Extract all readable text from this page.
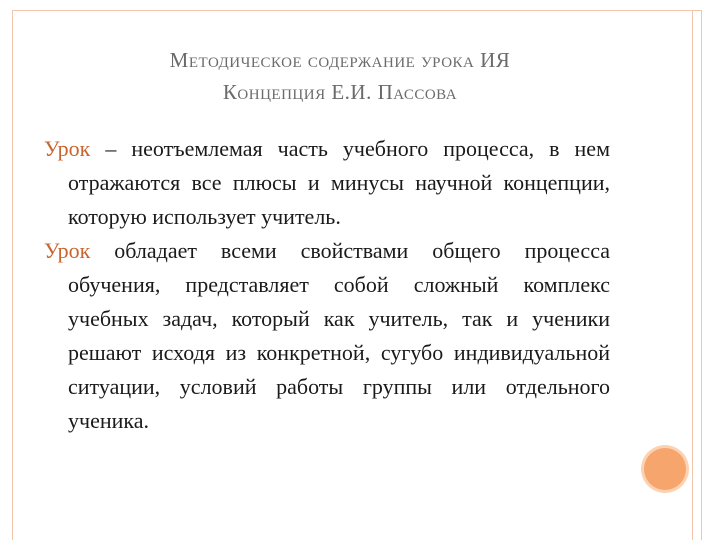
Методическое содержание урока ИЯ
Концепция Е.И. Пассова

Урок – неотъемлемая часть учебного процесса, в нем отражаются все плюсы и минусы научной концепции, которую использует учитель.

Урок обладает всеми свойствами общего процесса обучения, представляет собой сложный комплекс учебных задач, который как учитель, так и ученики решают исходя из конкретной, сугубо индивидуальной ситуации, условий работы группы или отдельного ученика.
